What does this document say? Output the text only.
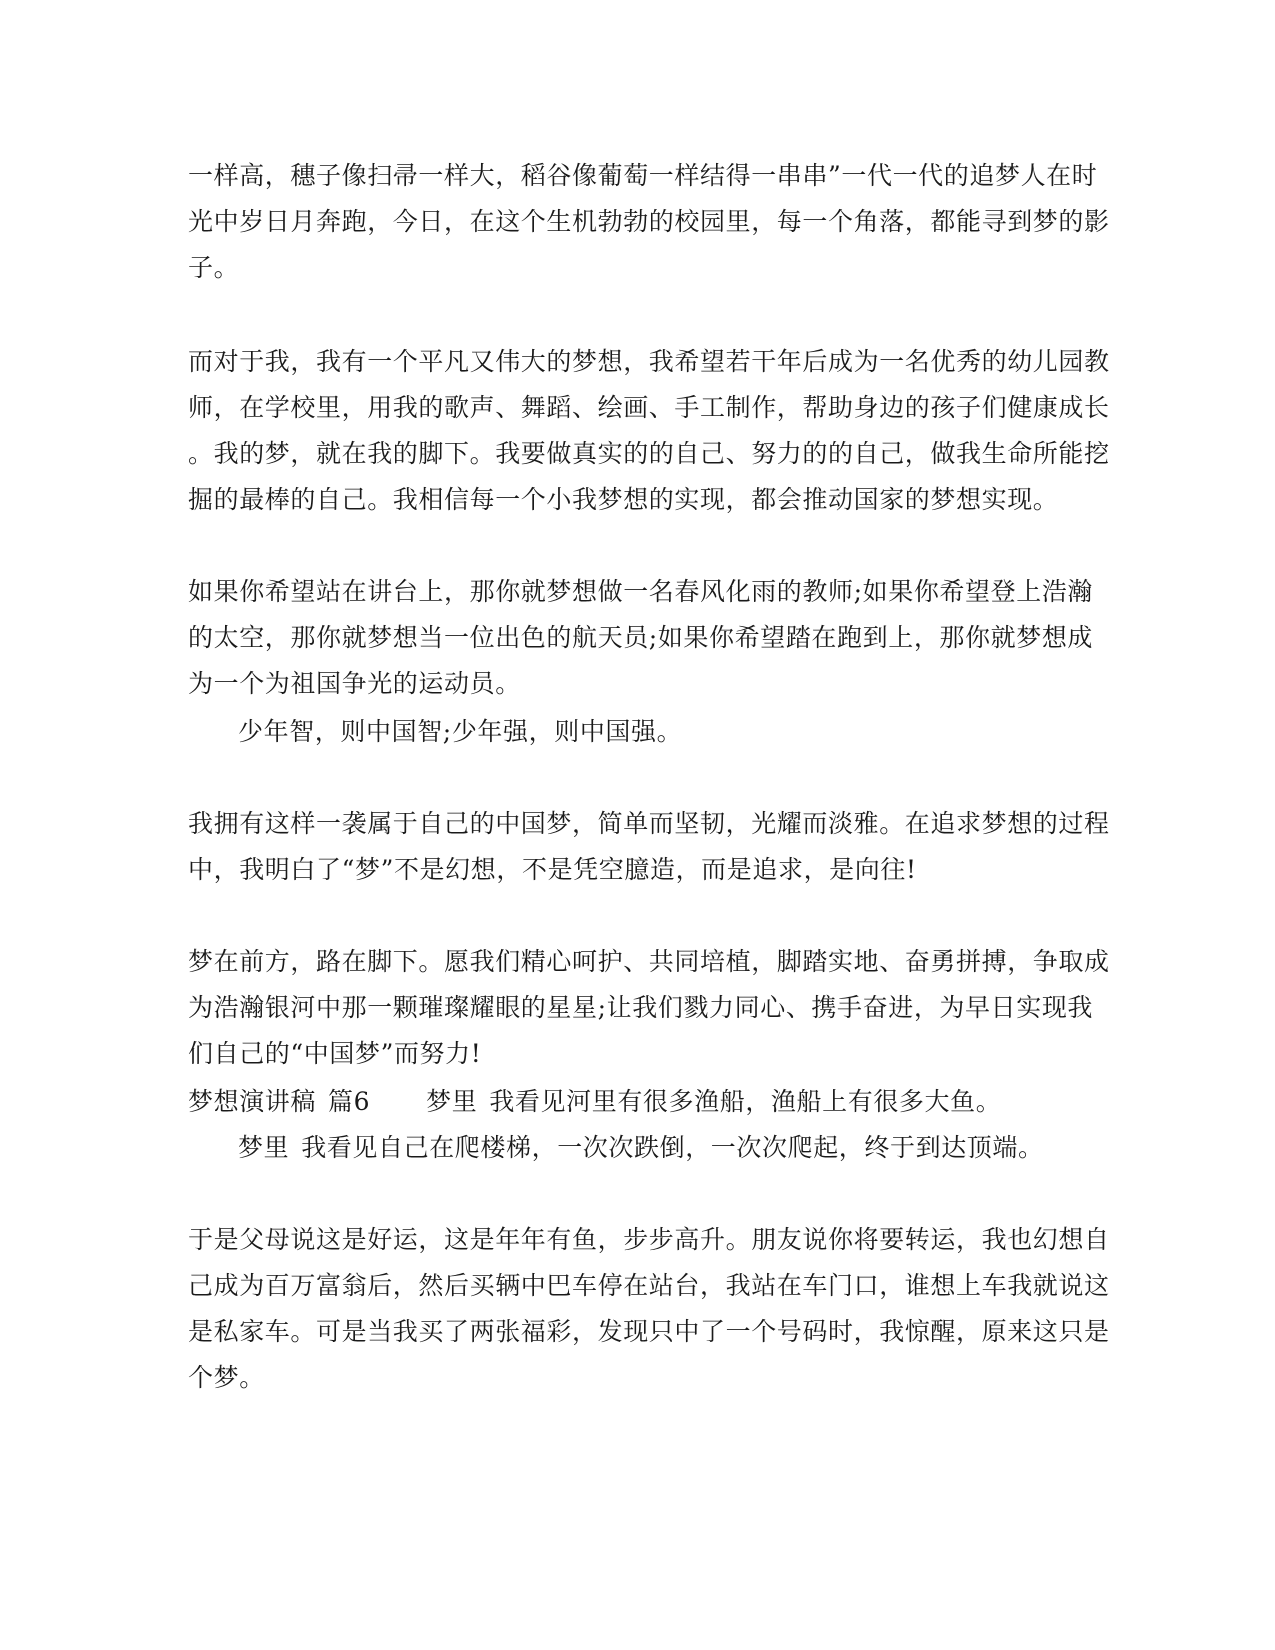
一样高，穗子像扫帚一样大，稻谷像葡萄一样结得一串串”一代一代的追梦人在时
光中岁日月奔跑，今日，在这个生机勃勃的校园里，每一个角落，都能寻到梦的影
子。
而对于我，我有一个平凡又伟大的梦想，我希望若干年后成为一名优秀的幼儿园教
师，在学校里，用我的歌声、舞蹈、绘画、手工制作，帮助身边的孩子们健康成长
。我的梦，就在我的脚下。我要做真实的的自己、努力的的自己，做我生命所能挖
掘的最棒的自己。我相信每一个小我梦想的实现，都会推动国家的梦想实现。
如果你希望站在讲台上，那你就梦想做一名春风化雨的教师;如果你希望登上浩瀚
的太空，那你就梦想当一位出色的航天员;如果你希望踏在跑到上，那你就梦想成
为一个为祖国争光的运动员。
少年智，则中国智;少年强，则中国强。
我拥有这样一袭属于自己的中国梦，简单而坚韧，光耀而淡雅。在追求梦想的过程
中，我明白了“梦”不是幻想，不是凭空臆造，而是追求，是向往!
梦在前方，路在脚下。愿我们精心呵护、共同培植，脚踏实地、奋勇拼搏，争取成
为浩瀚银河中那一颗璀璨耀眼的星星;让我们戮力同心、携手奋进，为早日实现我
们自己的“中国梦”而努力!
梦想演讲稿 篇6 梦里 我看见河里有很多渔船，渔船上有很多大鱼。
梦里 我看见自己在爬楼梯，一次次跌倒，一次次爬起，终于到达顶端。
于是父母说这是好运，这是年年有鱼，步步高升。朋友说你将要转运，我也幻想自
己成为百万富翁后，然后买辆中巴车停在站台，我站在车门口，谁想上车我就说这
是私家车。可是当我买了两张福彩，发现只中了一个号码时，我惊醒，原来这只是
个梦。
